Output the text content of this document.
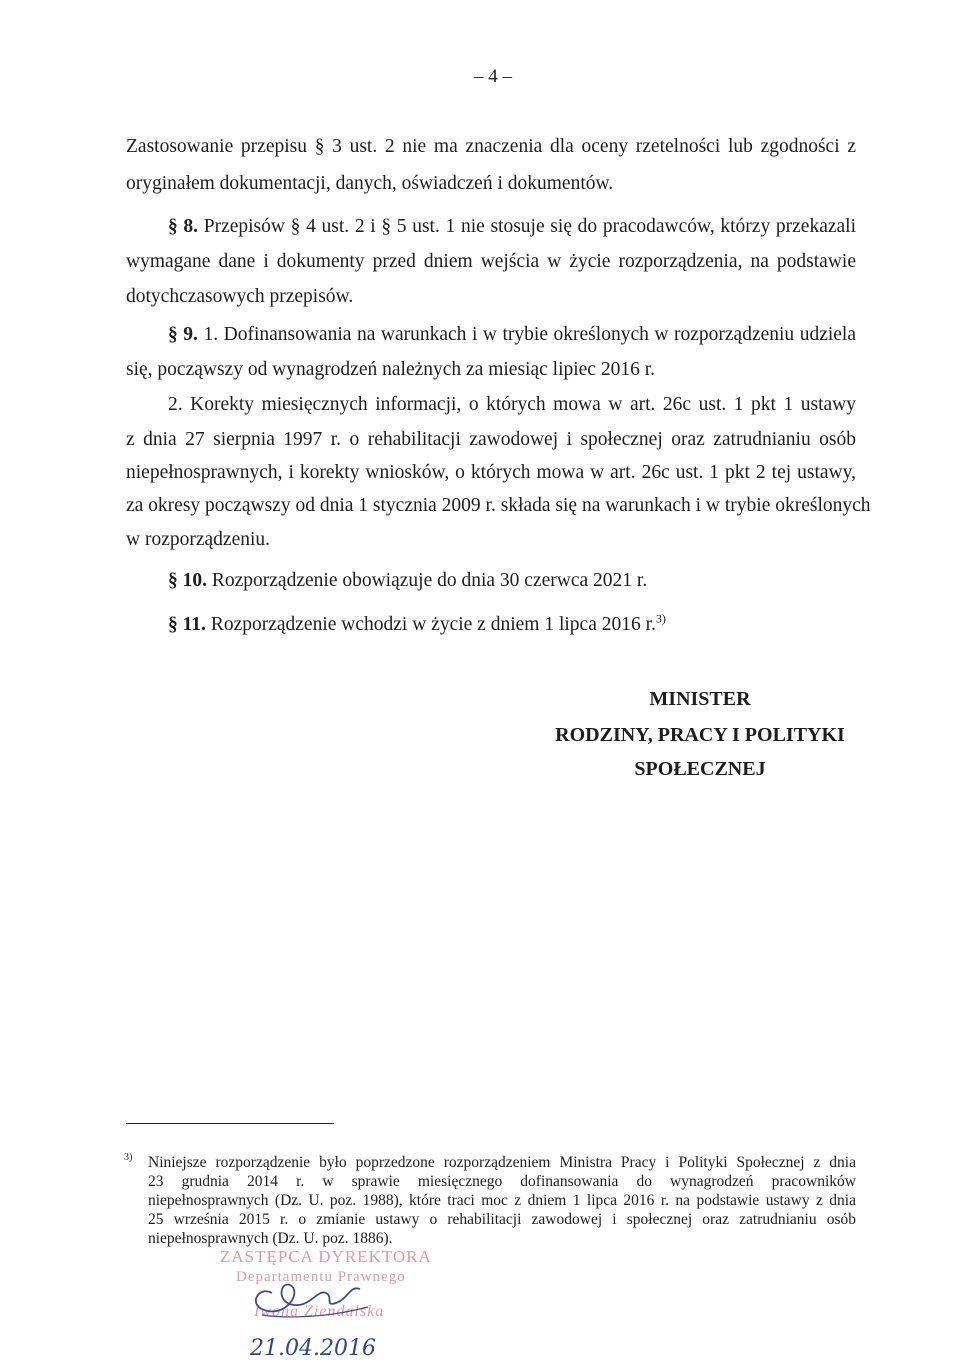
– 4 –
Zastosowanie przepisu § 3 ust. 2 nie ma znaczenia dla oceny rzetelności lub zgodności z
oryginałem dokumentacji, danych, oświadczeń i dokumentów.
§ 8. Przepisów § 4 ust. 2 i § 5 ust. 1 nie stosuje się do pracodawców, którzy przekazali
wymagane dane i dokumenty przed dniem wejścia w życie rozporządzenia, na podstawie
dotychczasowych przepisów.
§ 9. 1. Dofinansowania na warunkach i w trybie określonych w rozporządzeniu udziela
się, począwszy od wynagrodzeń należnych za miesiąc lipiec 2016 r.
2. Korekty miesięcznych informacji, o których mowa w art. 26c ust. 1 pkt 1 ustawy
z dnia 27 sierpnia 1997 r. o rehabilitacji zawodowej i społecznej oraz zatrudnianiu osób
niepełnosprawnych, i korekty wniosków, o których mowa w art. 26c ust. 1 pkt 2 tej ustawy,
za okresy począwszy od dnia 1 stycznia 2009 r. składa się na warunkach i w trybie określonych
w rozporządzeniu.
§ 10. Rozporządzenie obowiązuje do dnia 30 czerwca 2021 r.
§ 11. Rozporządzenie wchodzi w życie z dniem 1 lipca 2016 r.$^{3)}$
MINISTER
RODZINY, PRACY I POLITYKI
SPOŁECZNEJ
3) Niniejsze rozporządzenie było poprzedzone rozporządzeniem Ministra Pracy i Polityki Społecznej z dnia
23 grudnia 2014 r. w sprawie miesięcznego dofinansowania do wynagrodzeń pracowników
niepełnosprawnych (Dz. U. poz. 1988), które traci moc z dniem 1 lipca 2016 r. na podstawie ustawy z dnia
25 września 2015 r. o zmianie ustawy o rehabilitacji zawodowej i społecznej oraz zatrudnianiu osób
niepełnosprawnych (Dz. U. poz. 1886).
ZASTĘPCA DYREKTORA
Departamentu Prawnego
Iwona Ziendalska
21.04.2016
